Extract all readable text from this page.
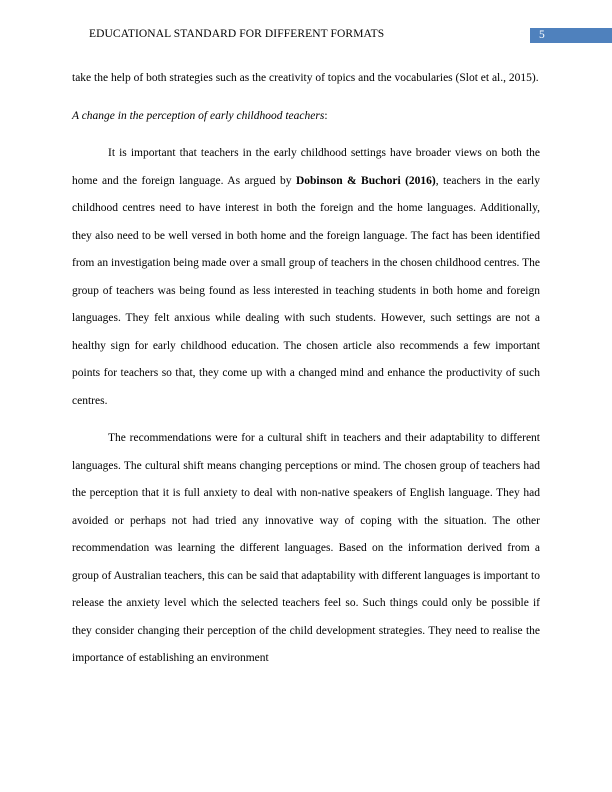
EDUCATIONAL STANDARD FOR DIFFERENT FORMATS	5

take the help of both strategies such as the creativity of topics and the vocabularies (Slot et al., 2015).

A change in the perception of early childhood teachers:

It is important that teachers in the early childhood settings have broader views on both the home and the foreign language. As argued by Dobinson & Buchori (2016), teachers in the early childhood centres need to have interest in both the foreign and the home languages. Additionally, they also need to be well versed in both home and the foreign language. The fact has been identified from an investigation being made over a small group of teachers in the chosen childhood centres. The group of teachers was being found as less interested in teaching students in both home and foreign languages. They felt anxious while dealing with such students. However, such settings are not a healthy sign for early childhood education. The chosen article also recommends a few important points for teachers so that, they come up with a changed mind and enhance the productivity of such centres.

The recommendations were for a cultural shift in teachers and their adaptability to different languages. The cultural shift means changing perceptions or mind. The chosen group of teachers had the perception that it is full anxiety to deal with non-native speakers of English language. They had avoided or perhaps not had tried any innovative way of coping with the situation. The other recommendation was learning the different languages. Based on the information derived from a group of Australian teachers, this can be said that adaptability with different languages is important to release the anxiety level which the selected teachers feel so. Such things could only be possible if they consider changing their perception of the child development strategies. They need to realise the importance of establishing an environment
